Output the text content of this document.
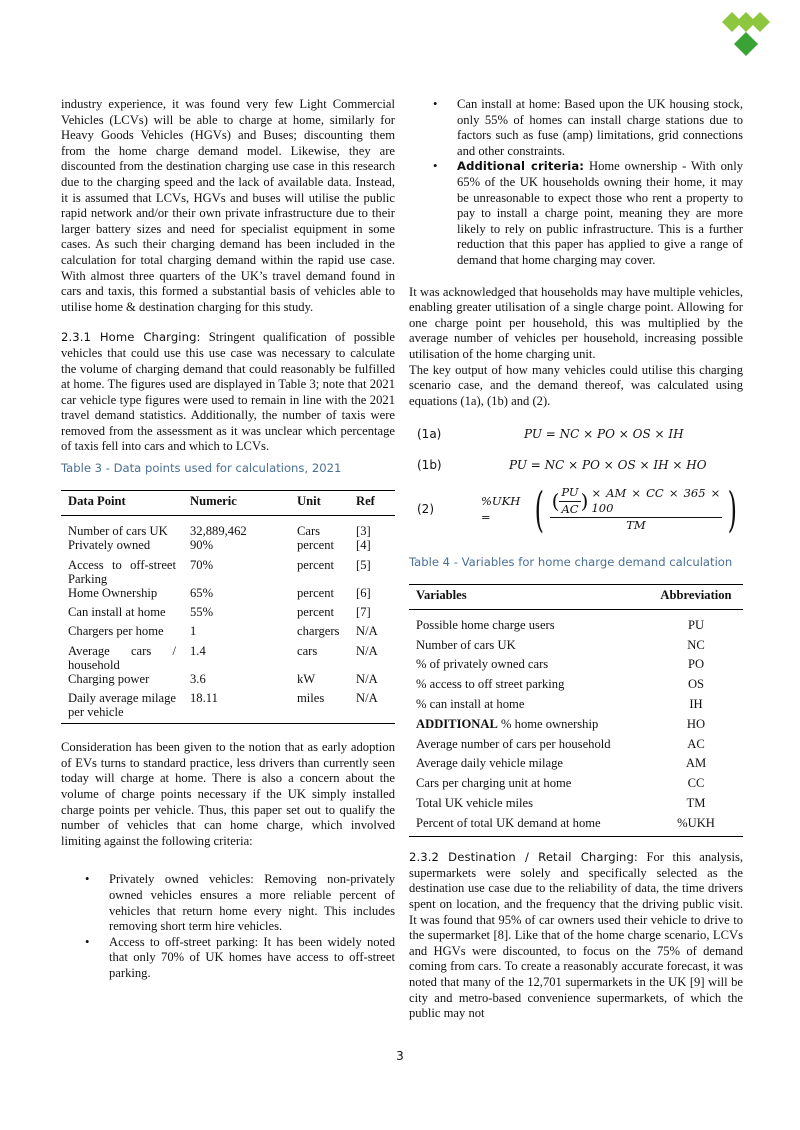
industry experience, it was found very few Light Commercial Vehicles (LCVs) will be able to charge at home, similarly for Heavy Goods Vehicles (HGVs) and Buses; discounting them from the home charge demand model. Likewise, they are discounted from the destination charging use case in this research due to the charging speed and the lack of available data. Instead, it is assumed that LCVs, HGVs and buses will utilise the public rapid network and/or their own private infrastructure due to their larger battery sizes and need for specialist equipment in some cases. As such their charging demand has been included in the calculation for total charging demand within the rapid use case. With almost three quarters of the UK’s travel demand found in cars and taxis, this formed a substantial basis of vehicles able to utilise home & destination charging for this study.

2.3.1 Home Charging: Stringent qualification of possible vehicles that could use this use case was necessary to calculate the volume of charging demand that could reasonably be fulfilled at home. The figures used are displayed in Table 3; note that 2021 car vehicle type figures were used to remain in line with the 2021 travel demand statistics. Additionally, the number of taxis were removed from the assessment as it was unclear which percentage of taxis fell into cars and which to LCVs.

Table 3 - Data points used for calculations, 2021
Data Point	Numeric	Unit	Ref
Number of cars UK	32,889,462	Cars	[3]
Privately owned	90%	percent	[4]
Access to off-street Parking	70%	percent	[5]
Home Ownership	65%	percent	[6]
Can install at home	55%	percent	[7]
Chargers per home	1	chargers	N/A
Average cars / household	1.4	cars	N/A
Charging power	3.6	kW	N/A
Daily average milage per vehicle	18.11	miles	N/A

Consideration has been given to the notion that as early adoption of EVs turns to standard practice, less drivers than currently seen today will charge at home. There is also a concern about the volume of charge points necessary if the UK simply installed charge points per vehicle. Thus, this paper set out to qualify the number of vehicles that can home charge, which involved limiting against the following criteria:

• Privately owned vehicles: Removing non-privately owned vehicles ensures a more reliable percent of vehicles that return home every night. This includes removing short term hire vehicles.
• Access to off-street parking: It has been widely noted that only 70% of UK homes have access to off-street parking.
• Can install at home: Based upon the UK housing stock, only 55% of homes can install charge stations due to factors such as fuse (amp) limitations, grid connections and other constraints.
• Additional criteria: Home ownership - With only 65% of the UK households owning their home, it may be unreasonable to expect those who rent a property to pay to install a charge point, meaning they are more likely to rely on public infrastructure. This is a further reduction that this paper has applied to give a range of demand that home charging may cover.

It was acknowledged that households may have multiple vehicles, enabling greater utilisation of a single charge point. Allowing for one charge point per household, this was multiplied by the average number of vehicles per household, increasing possible utilisation of the home charging unit.

The key output of how many vehicles could utilise this charging scenario case, and the demand thereof, was calculated using equations (1a), (1b) and (2).

(1a)	PU = NC × PO × OS × IH
(1b)	PU = NC × PO × OS × IH × HO
(2)
%UKH = ( $\frac{( \frac{PU}{AC} ) \times AM \times CC \times 365 \times 100}{TM}$ )
Table 4 - Variables for home charge demand calculation
Variables	Abbreviation
Possible home charge users	PU
Number of cars UK	NC
% of privately owned cars	PO
% access to off street parking	OS
% can install at home	IH
ADDITIONAL % home ownership	HO
Average number of cars per household	AC
Average daily vehicle milage	AM
Cars per charging unit at home	CC
Total UK vehicle miles	TM
Percent of total UK demand at home	%UKH

2.3.2 Destination / Retail Charging: For this analysis, supermarkets were solely and specifically selected as the destination use case due to the reliability of data, the time drivers spent on location, and the frequency that the driving public visit. It was found that 95% of car owners used their vehicle to drive to the supermarket [8]. Like that of the home charge scenario, LCVs and HGVs were discounted, to focus on the 75% of demand coming from cars. To create a reasonably accurate forecast, it was noted that many of the 12,701 supermarkets in the UK [9] will be city and metro-based convenience supermarkets, of which the public may not

3
